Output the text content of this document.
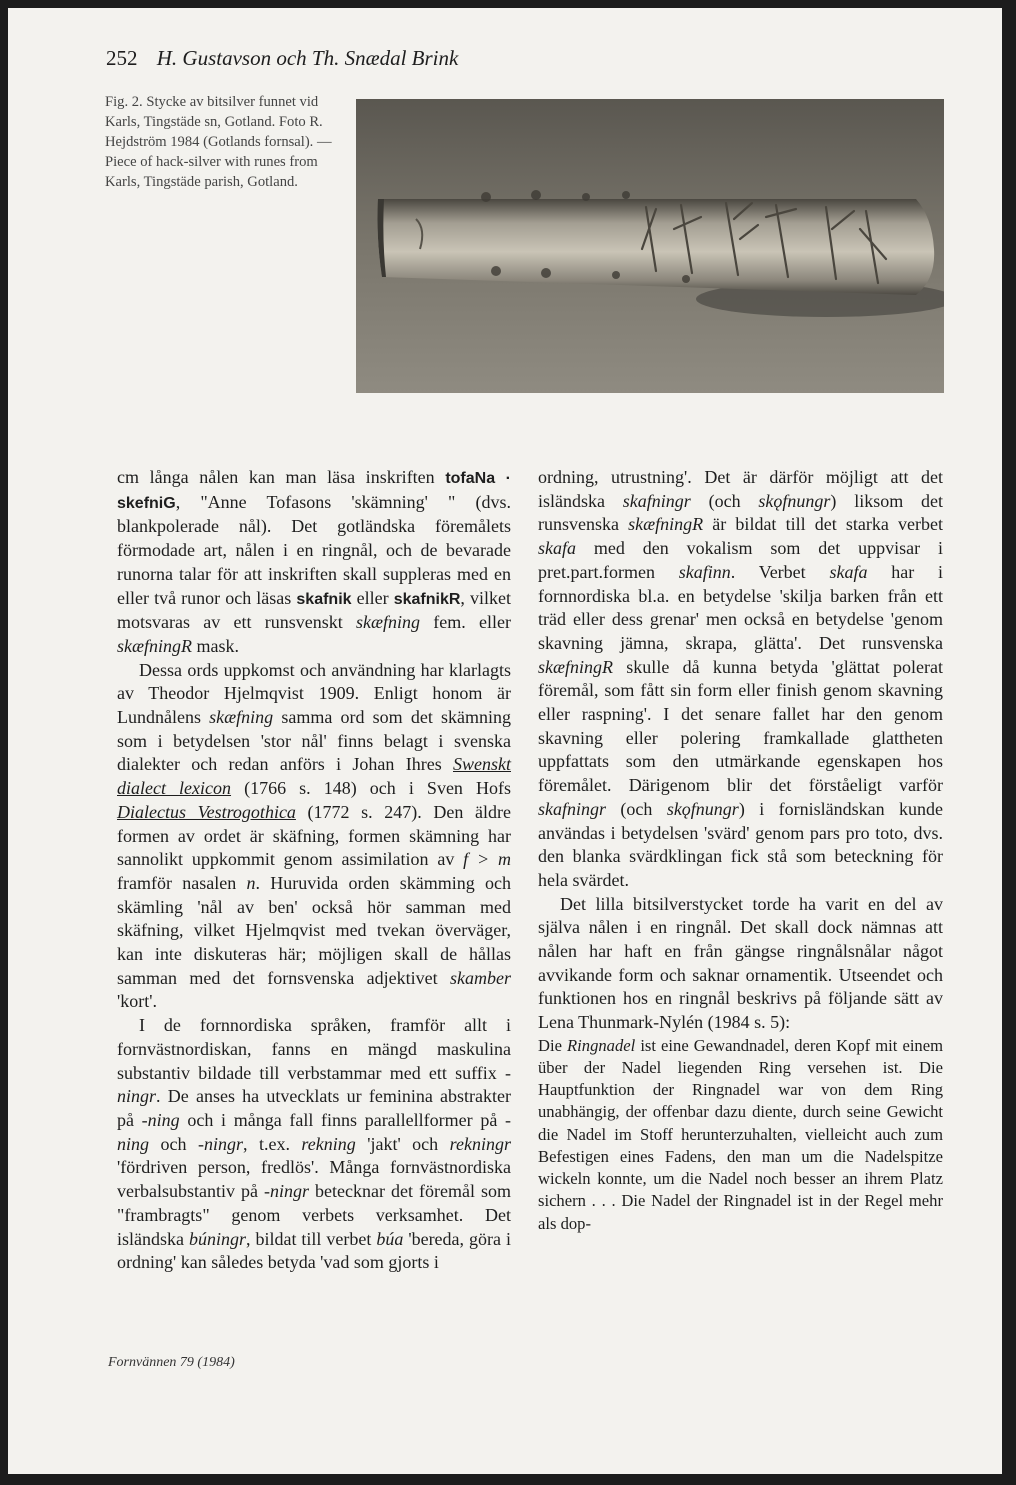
252 H. Gustavson och Th. Snædal Brink
Fig. 2. Stycke av bitsilver funnet vid Karls, Tingstäde sn, Gotland. Foto R. Hejdström 1984 (Gotlands fornsal). — Piece of hack-silver with runes from Karls, Tingstäde parish, Gotland.

cm långa nålen kan man läsa inskriften tofaNa · skefniG, "Anne Tofasons 'skämning' " (dvs. blankpolerade nål). Det gotländska föremålets förmodade art, nålen i en ringnål, och de bevarade runorna talar för att inskriften skall suppleras med en eller två runor och läsas skafnik eller skafnikR, vilket motsvaras av ett runsvenskt skæfning fem. eller skæfningR mask.

Dessa ords uppkomst och användning har klarlagts av Theodor Hjelmqvist 1909. Enligt honom är Lundnålens skæfning samma ord som det skämning som i betydelsen 'stor nål' finns belagt i svenska dialekter och redan anförs i Johan Ihres Swenskt dialect lexicon (1766 s. 148) och i Sven Hofs Dialectus Vestrogothica (1772 s. 247). Den äldre formen av ordet är skäfning, formen skämning har sannolikt uppkommit genom assimilation av f > m framför nasalen n. Huruvida orden skämming och skämling 'nål av ben' också hör samman med skäfning, vilket Hjelmqvist med tvekan överväger, kan inte diskuteras här; möjligen skall de hållas samman med det fornsvenska adjektivet skamber 'kort'.

I de fornnordiska språken, framför allt i fornvästnordiskan, fanns en mängd maskulina substantiv bildade till verbstammar med ett suffix -ningr. De anses ha utvecklats ur feminina abstrakter på -ning och i många fall finns parallellformer på -ning och -ningr, t.ex. rekning 'jakt' och rekningr 'fördriven person, fredlös'. Många fornvästnordiska verbalsubstantiv på -ningr betecknar det föremål som "frambragts" genom verbets verksamhet. Det isländska búningr, bildat till verbet búa 'bereda, göra i ordning' kan således betyda 'vad som gjorts i

ordning, utrustning'. Det är därför möjligt att det isländska skafningr (och skǫfnungr) liksom det runsvenska skæfningR är bildat till det starka verbet skafa med den vokalism som det uppvisar i pret.part.formen skafinn. Verbet skafa har i fornnordiska bl.a. en betydelse 'skilja barken från ett träd eller dess grenar' men också en betydelse 'genom skavning jämna, skrapa, glätta'. Det runsvenska skæfningR skulle då kunna betyda 'glättat polerat föremål, som fått sin form eller finish genom skavning eller raspning'. I det senare fallet har den genom skavning eller polering framkallade glattheten uppfattats som den utmärkande egenskapen hos föremålet. Därigenom blir det förståeligt varför skafningr (och skǫfnungr) i fornisländskan kunde användas i betydelsen 'svärd' genom pars pro toto, dvs. den blanka svärdklingan fick stå som beteckning för hela svärdet.

Det lilla bitsilverstycket torde ha varit en del av själva nålen i en ringnål. Det skall dock nämnas att nålen har haft en från gängse ringnålsnålar något avvikande form och saknar ornamentik. Utseendet och funktionen hos en ringnål beskrivs på följande sätt av Lena Thunmark-Nylén (1984 s. 5):

Die Ringnadel ist eine Gewandnadel, deren Kopf mit einem über der Nadel liegenden Ring versehen ist. Die Hauptfunktion der Ringnadel war von dem Ring unabhängig, der offenbar dazu diente, durch seine Gewicht die Nadel im Stoff herunterzuhalten, vielleicht auch zum Befestigen eines Fadens, den man um die Nadelspitze wickeln konnte, um die Nadel noch besser an ihrem Platz sichern . . . Die Nadel der Ringnadel ist in der Regel mehr als dop-

Fornvännen 79 (1984)
